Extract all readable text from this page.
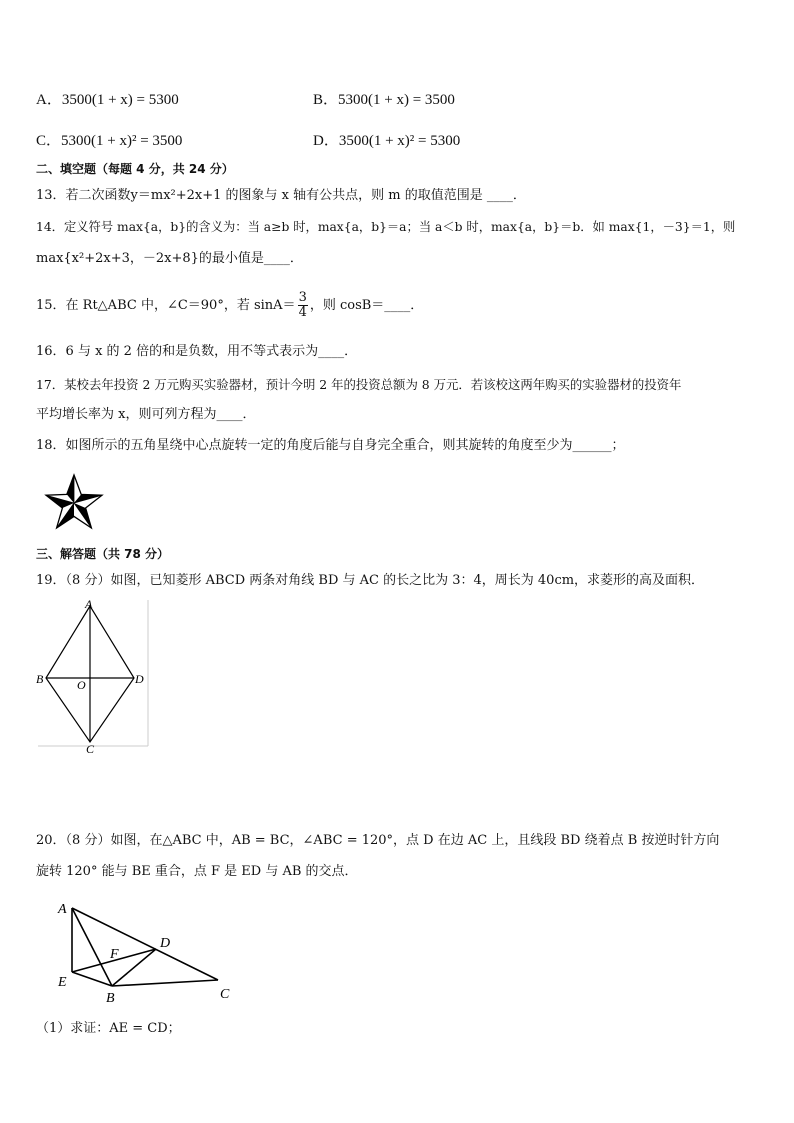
A．3500(1 + x) = 5300	B．5300(1 + x) = 3500
C．5300(1 + x)² = 3500	D．3500(1 + x)² = 5300
二、填空题（每题 4 分，共 24 分）
13．若二次函数y＝mx²+2x+1 的图象与 x 轴有公共点，则 m 的取值范围是 ____．
14．定义符号 max{a，b}的含义为：当 a≥b 时，max{a，b}＝a；当 a＜b 时，max{a，b}＝b．如 max{1，－3}＝1，则
max{x²+2x+3，－2x+8}的最小值是____．
15．在 Rt△ABC 中，∠C＝90°，若 $\sin A= \frac{3}{4}$ ，则 cosB＝____．
16．6 与 x 的 2 倍的和是负数，用不等式表示为____．
17．某校去年投资 2 万元购买实验器材，预计今明 2 年的投资总额为 8 万元．若该校这两年购买的实验器材的投资年
平均增长率为 x，则可列方程为____．
18．如图所示的五角星绕中心点旋转一定的角度后能与自身完全重合，则其旋转的角度至少为______；
三、解答题（共 78 分）
19．（8 分）如图，已知菱形 ABCD 两条对角线 BD 与 AC 的长之比为 3：4，周长为 40cm，求菱形的高及面积．
A
B	D
O
C
20．（8 分）如图，在△ABC 中，AB = BC，∠ABC = 120°，点 D 在边 AC 上，且线段 BD 绕着点 B 按逆时针方向
旋转 120° 能与 BE 重合，点 F 是 ED 与 AB 的交点．
A
E
F
D
B	C
（1）求证：AE = CD；
